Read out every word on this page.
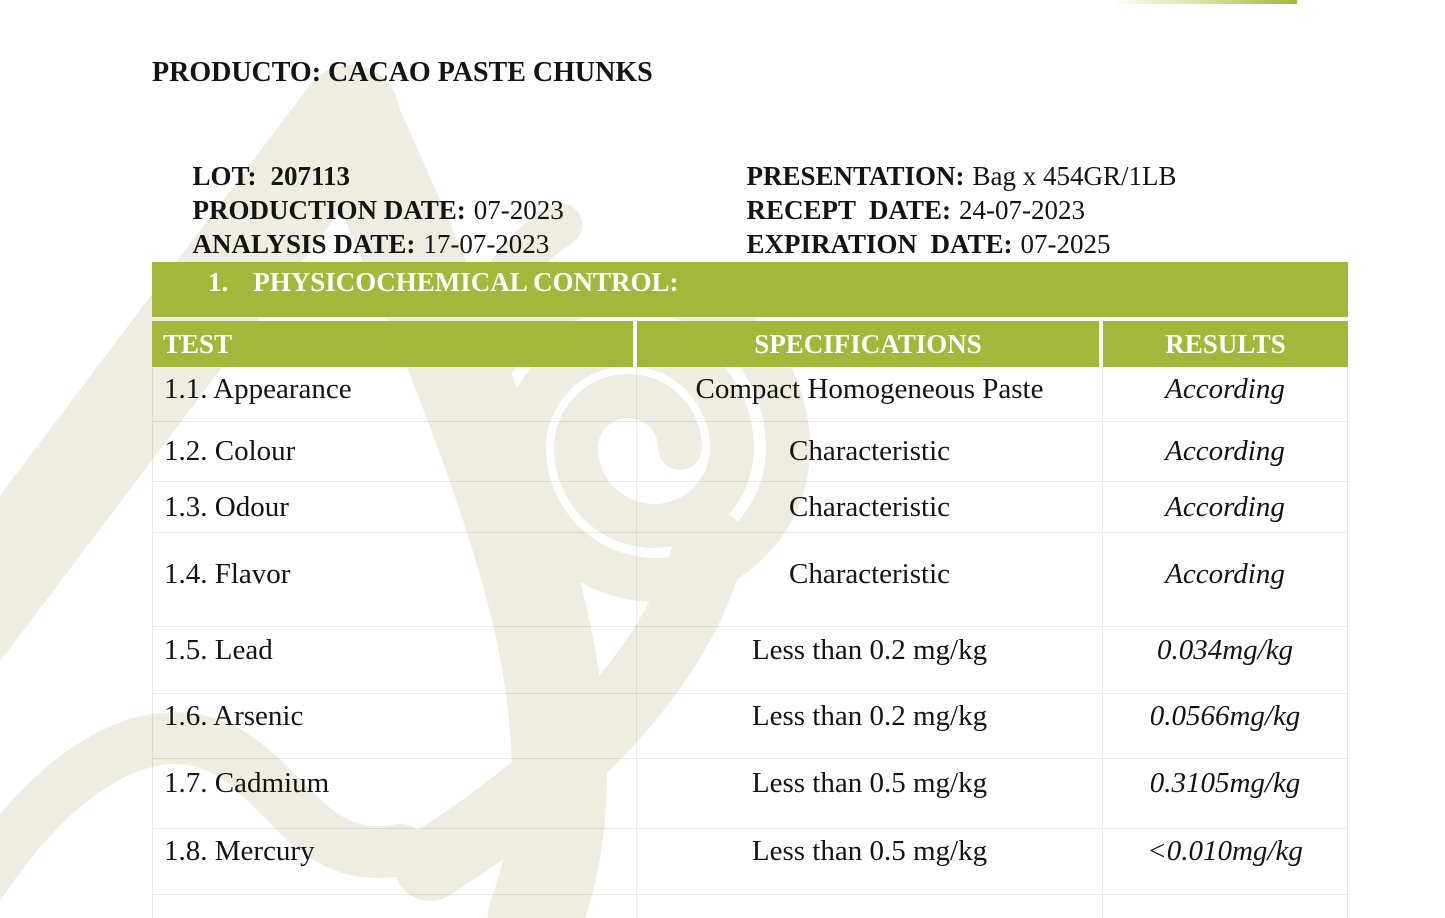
PRODUCTO: CACAO PASTE CHUNKS

LOT: 207113

PRODUCTION DATE: 07-2023

ANALYSIS DATE: 17-07-2023

PRESENTATION: Bag x 454GR/1LB

RECEPT  DATE: 24-07-2023

EXPIRATION  DATE: 07-2025

1. PHYSICOCHEMICAL CONTROL:
TEST	SPECIFICATIONS	RESULTS
1.1. Appearance	Compact Homogeneous Paste	According
1.2. Colour	Characteristic	According
1.3. Odour	Characteristic	According
1.4. Flavor	Characteristic	According
1.5. Lead	Less than 0.2 mg/kg	0.034mg/kg
1.6. Arsenic	Less than 0.2 mg/kg	0.0566mg/kg
1.7. Cadmium	Less than 0.5 mg/kg	0.3105mg/kg
1.8. Mercury	Less than 0.5 mg/kg	<0.010mg/kg
